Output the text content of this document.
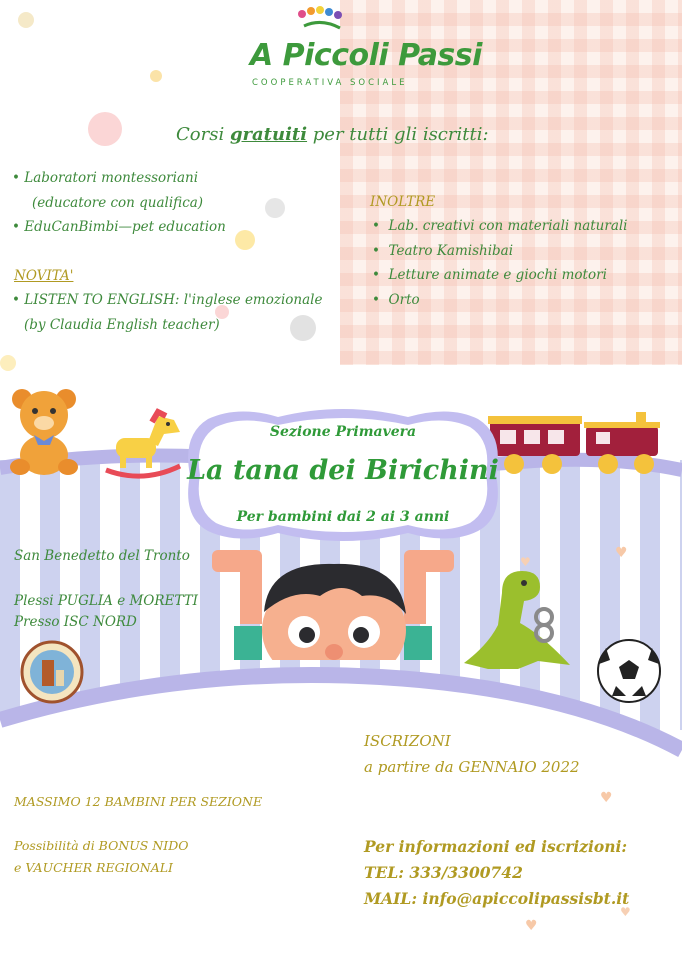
♥
♥
♥
♥
♥
A Piccoli Passi
COOPERATIVA SOCIALE
Corsi gratuiti per tutti gli iscritti:
• Laboratori montessoriani
(educatore con qualifica)
• EduCanBimbi—pet education
NOVITA'
• LISTEN TO ENGLISH: l'inglese emozionale
(by Claudia English teacher)
INOLTRE
•  Lab. creativi con materiali naturali
•  Teatro Kamishibai
•  Letture animate e giochi motori
•  Orto
Sezione Primavera
La tana dei Birichini
Per bambini dai 2 ai 3 anni
San Benedetto del Tronto
Plessi PUGLIA e MORETTI
Presso ISC NORD
ISCRIZONI
a partire da GENNAIO 2022
MASSIMO 12 BAMBINI PER SEZIONE
Possibilità di BONUS NIDO
e VAUCHER REGIONALI
Per informazioni ed iscrizioni:
TEL: 333/3300742
MAIL: info@apiccolipassisbt.it
